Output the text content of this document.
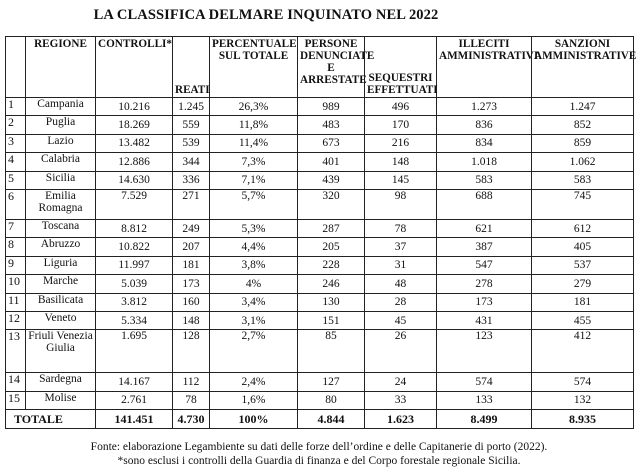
LA CLASSIFICA DELMARE INQUINATO NEL 2022
	REGIONE	CONTROLLI*	REATI	PERCENTUALE SUL TOTALE	PERSONE DENUNCIATE E ARRESTATE	SEQUESTRI EFFETTUATI	ILLECITI AMMINISTRATIVI	SANZIONI AMMINISTRATIVE
1	Campania	10.216	1.245	26,3%	989	496	1.273	1.247
2	Puglia	18.269	559	11,8%	483	170	836	852
3	Lazio	13.482	539	11,4%	673	216	834	859
4	Calabria	12.886	344	7,3%	401	148	1.018	1.062
5	Sicilia	14.630	336	7,1%	439	145	583	583
6	Emilia Romagna	7.529	271	5,7%	320	98	688	745
7	Toscana	8.812	249	5,3%	287	78	621	612
8	Abruzzo	10.822	207	4,4%	205	37	387	405
9	Liguria	11.997	181	3,8%	228	31	547	537
10	Marche	5.039	173	4%	246	48	278	279
11	Basilicata	3.812	160	3,4%	130	28	173	181
12	Veneto	5.334	148	3,1%	151	45	431	455
13	Friuli Venezia Giulia	1.695	128	2,7%	85	26	123	412
14	Sardegna	14.167	112	2,4%	127	24	574	574
15	Molise	2.761	78	1,6%	80	33	133	132
TOTALE		141.451	4.730	100%	4.844	1.623	8.499	8.935
Fonte: elaborazione Legambiente su dati delle forze dell’ordine e delle Capitanerie di porto (2022).
*sono esclusi i controlli della Guardia di finanza e del Corpo forestale regionale Sicilia.
